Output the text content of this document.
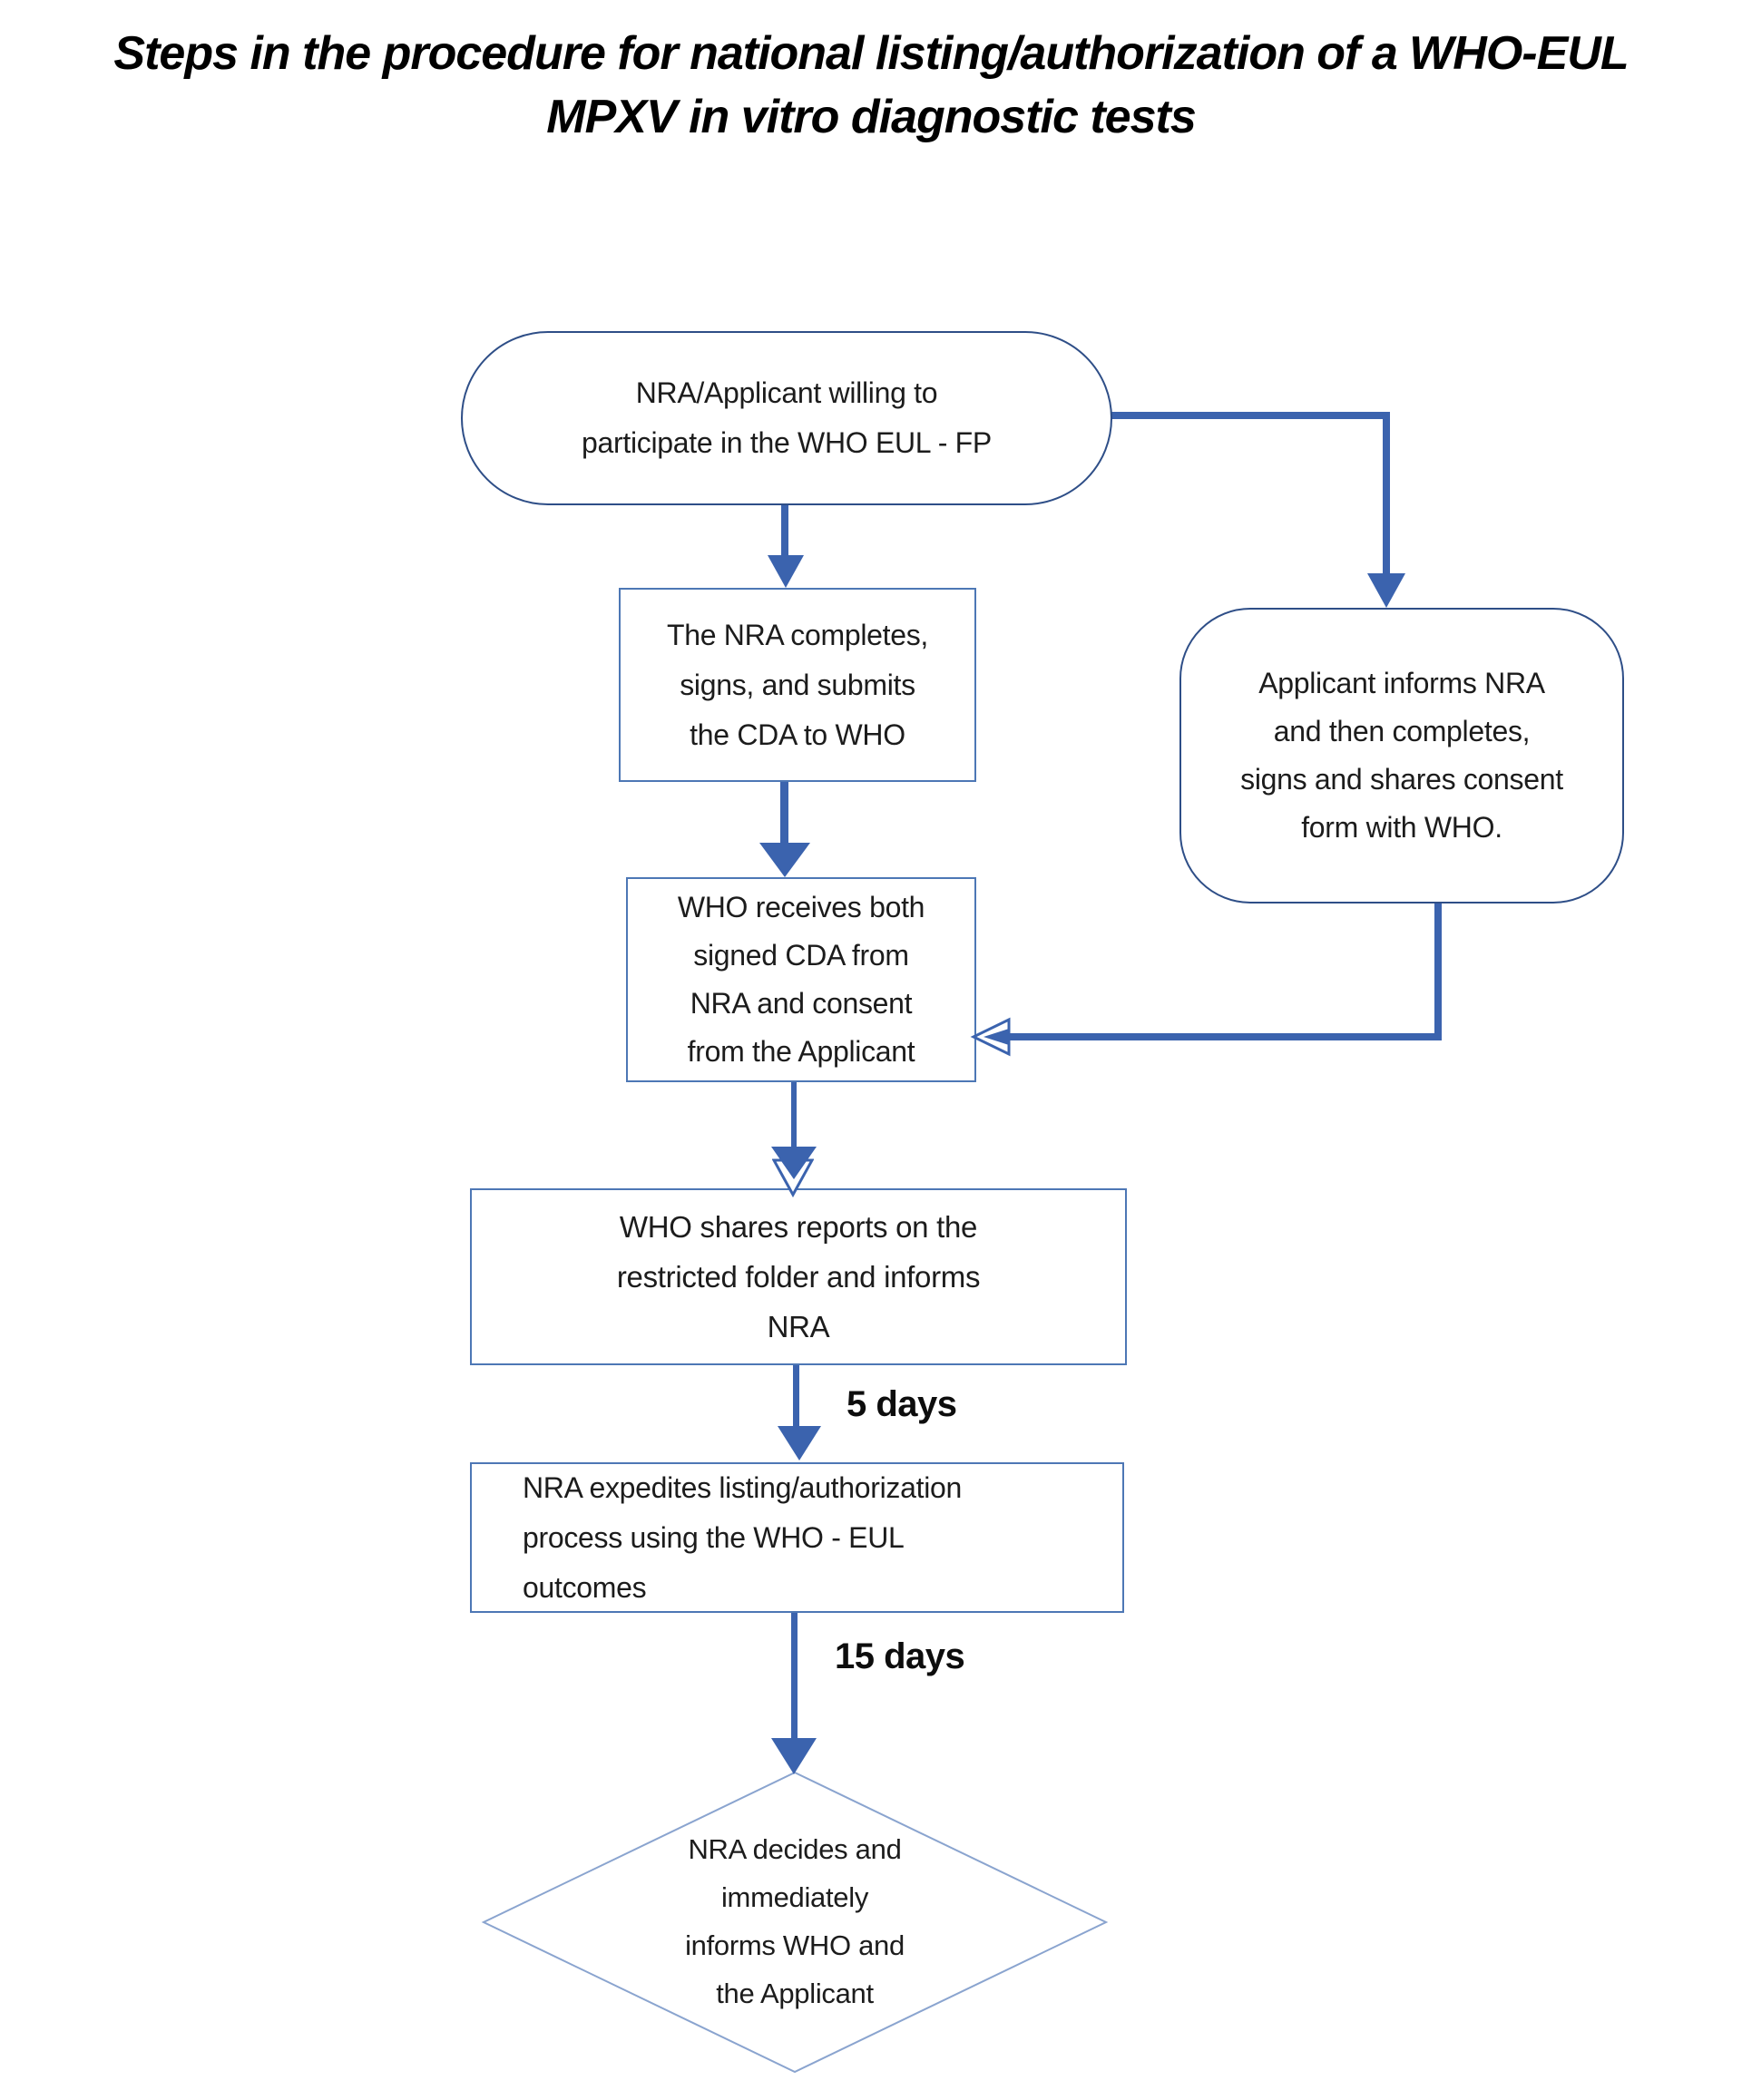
Steps in the procedure for national listing/authorization of a WHO-EUL
MPXV in vitro diagnostic tests
5 days
15 days
NRA/Applicant willing to
participate in the WHO EUL - FP
The NRA completes,
signs, and submits
the CDA to WHO
Applicant informs NRA
and then completes,
signs and shares consent
form with WHO.
WHO receives both
signed CDA from
NRA and consent
from the Applicant
WHO shares reports on the
restricted folder and informs
NRA
NRA expedites listing/authorization
process using the WHO - EUL
outcomes
NRA decides and
immediately
informs WHO and
the Applicant
